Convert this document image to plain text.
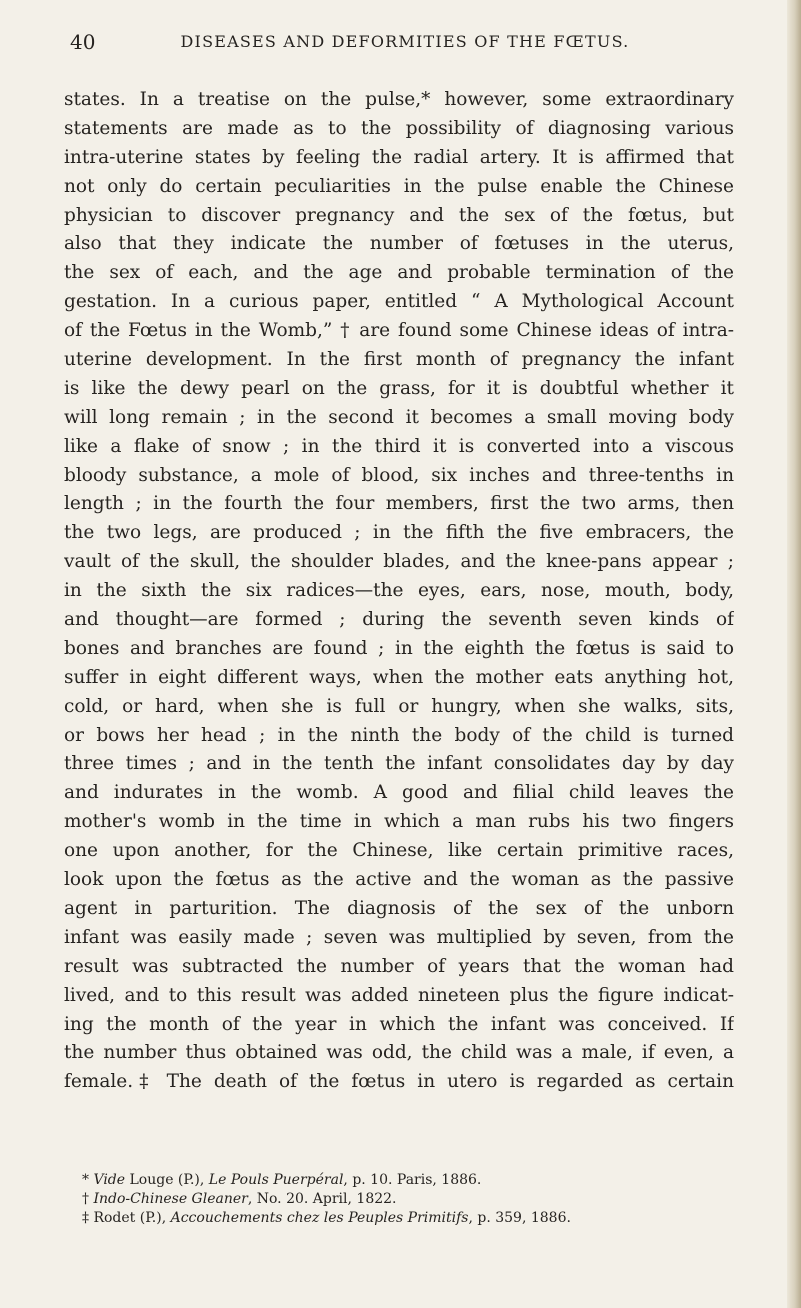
40	DISEASES AND DEFORMITIES OF THE FŒTUS.
states. In a treatise on the pulse,* however, some extraordinary
statements are made as to the possibility of diagnosing various
intra-uterine states by feeling the radial artery. It is affirmed that
not only do certain peculiarities in the pulse enable the Chinese
physician to discover pregnancy and the sex of the fœtus, but
also that they indicate the number of fœtuses in the uterus,
the sex of each, and the age and probable termination of the
gestation. In a curious paper, entitled “ A Mythological Account
of the Fœtus in the Womb,” † are found some Chinese ideas of intra-
uterine development. In the first month of pregnancy the infant
is like the dewy pearl on the grass, for it is doubtful whether it
will long remain ; in the second it becomes a small moving body
like a flake of snow ; in the third it is converted into a viscous
bloody substance, a mole of blood, six inches and three-tenths in
length ; in the fourth the four members, first the two arms, then
the two legs, are produced ; in the fifth the five embracers, the
vault of the skull, the shoulder blades, and the knee-pans appear ;
in the sixth the six radices—the eyes, ears, nose, mouth, body,
and thought—are formed ; during the seventh seven kinds of
bones and branches are found ; in the eighth the fœtus is said to
suffer in eight different ways, when the mother eats anything hot,
cold, or hard, when she is full or hungry, when she walks, sits,
or bows her head ; in the ninth the body of the child is turned
three times ; and in the tenth the infant consolidates day by day
and indurates in the womb. A good and filial child leaves the
mother's womb in the time in which a man rubs his two fingers
one upon another, for the Chinese, like certain primitive races,
look upon the fœtus as the active and the woman as the passive
agent in parturition. The diagnosis of the sex of the unborn
infant was easily made ; seven was multiplied by seven, from the
result was subtracted the number of years that the woman had
lived, and to this result was added nineteen plus the figure indicat-
ing the month of the year in which the infant was conceived. If
the number thus obtained was odd, the child was a male, if even, a
female.‡ The death of the fœtus in utero is regarded as certain
* Vide Louge (P.), Le Pouls Puerpéral, p. 10. Paris, 1886.
† Indo-Chinese Gleaner, No. 20. April, 1822.
‡ Rodet (P.), Accouchements chez les Peuples Primitifs, p. 359, 1886.
